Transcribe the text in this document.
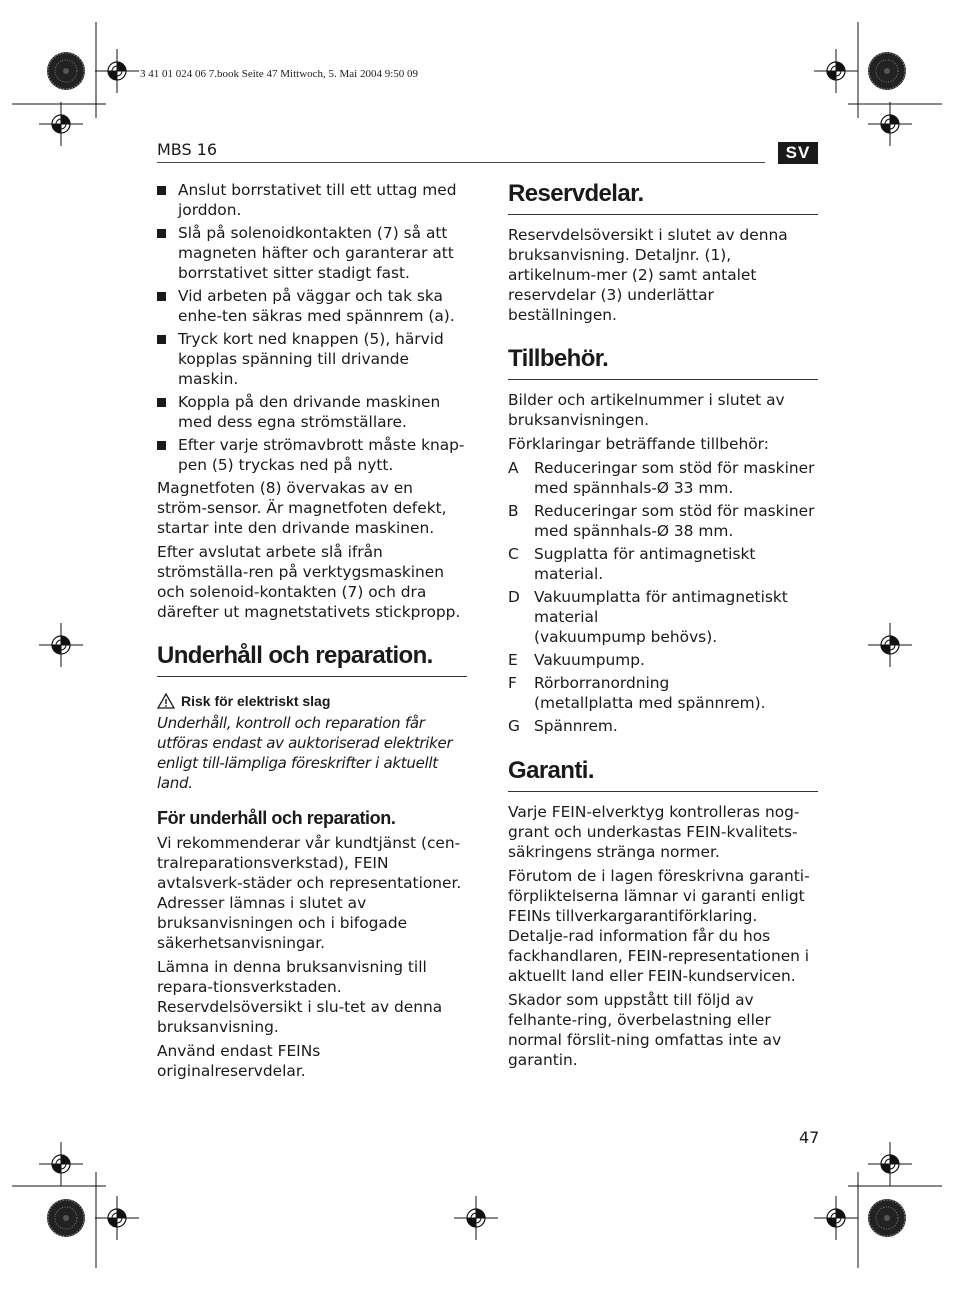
3 41 01 024 06 7.book Seite 47 Mittwoch, 5. Mai 2004 9:50 09
MBS 16	SV
Anslut borrstativet till ett uttag med jorddon.
Slå på solenoidkontakten (7) så att magneten häfter och garanterar att borrstativet sitter stadigt fast.
Vid arbeten på väggar och tak ska enhe-ten säkras med spännrem (a).
Tryck kort ned knappen (5), härvid kopplas spänning till drivande maskin.
Koppla på den drivande maskinen med dess egna strömställare.
Efter varje strömavbrott måste knap-pen (5) tryckas ned på nytt.

Magnetfoten (8) övervakas av en ström-sensor. Är magnetfoten defekt, startar inte den drivande maskinen.

Efter avslutat arbete slå ifrån strömställa-ren på verktygsmaskinen och solenoid-kontakten (7) och dra därefter ut magnetstativets stickpropp.

Underhåll och reparation.
Risk för elektriskt slag
Underhåll, kontroll och reparation får utföras endast av auktoriserad elektriker enligt till-lämpliga föreskrifter i aktuellt land.
För underhåll och reparation.

Vi rekommenderar vår kundtjänst (cen-tralreparationsverkstad), FEIN avtalsverk-städer och representationer. Adresser lämnas i slutet av bruksanvisningen och i bifogade säkerhetsanvisningar.

Lämna in denna bruksanvisning till repara-tionsverkstaden. Reservdelsöversikt i slu-tet av denna bruksanvisning.

Använd endast FEINs originalreservdelar.

Reservdelar.

Reservdelsöversikt i slutet av denna bruksanvisning. Detaljnr. (1), artikelnum-mer (2) samt antalet reservdelar (3) underlättar beställningen.

Tillbehör.

Bilder och artikelnummer i slutet av bruksanvisningen.

Förklaringar beträffande tillbehör:

A Reduceringar som stöd för maskiner med spännhals-Ø 33 mm.
B Reduceringar som stöd för maskiner med spännhals-Ø 38 mm.
C Sugplatta för antimagnetiskt material.
D Vakuumplatta för antimagnetiskt material
(vakuumpump behövs).
E Vakuumpump.
F Rörborranordning
(metallplatta med spännrem).
G Spännrem.
Garanti.

Varje FEIN-elverktyg kontrolleras nog-grant och underkastas FEIN-kvalitets-säkringens stränga normer.

Förutom de i lagen föreskrivna garanti-förpliktelserna lämnar vi garanti enligt FEINs tillverkargarantiförklaring. Detalje-rad information får du hos fackhandlaren, FEIN-representationen i aktuellt land eller FEIN-kundservicen.

Skador som uppstått till följd av felhante-ring, överbelastning eller normal förslit-ning omfattas inte av garantin.

47
